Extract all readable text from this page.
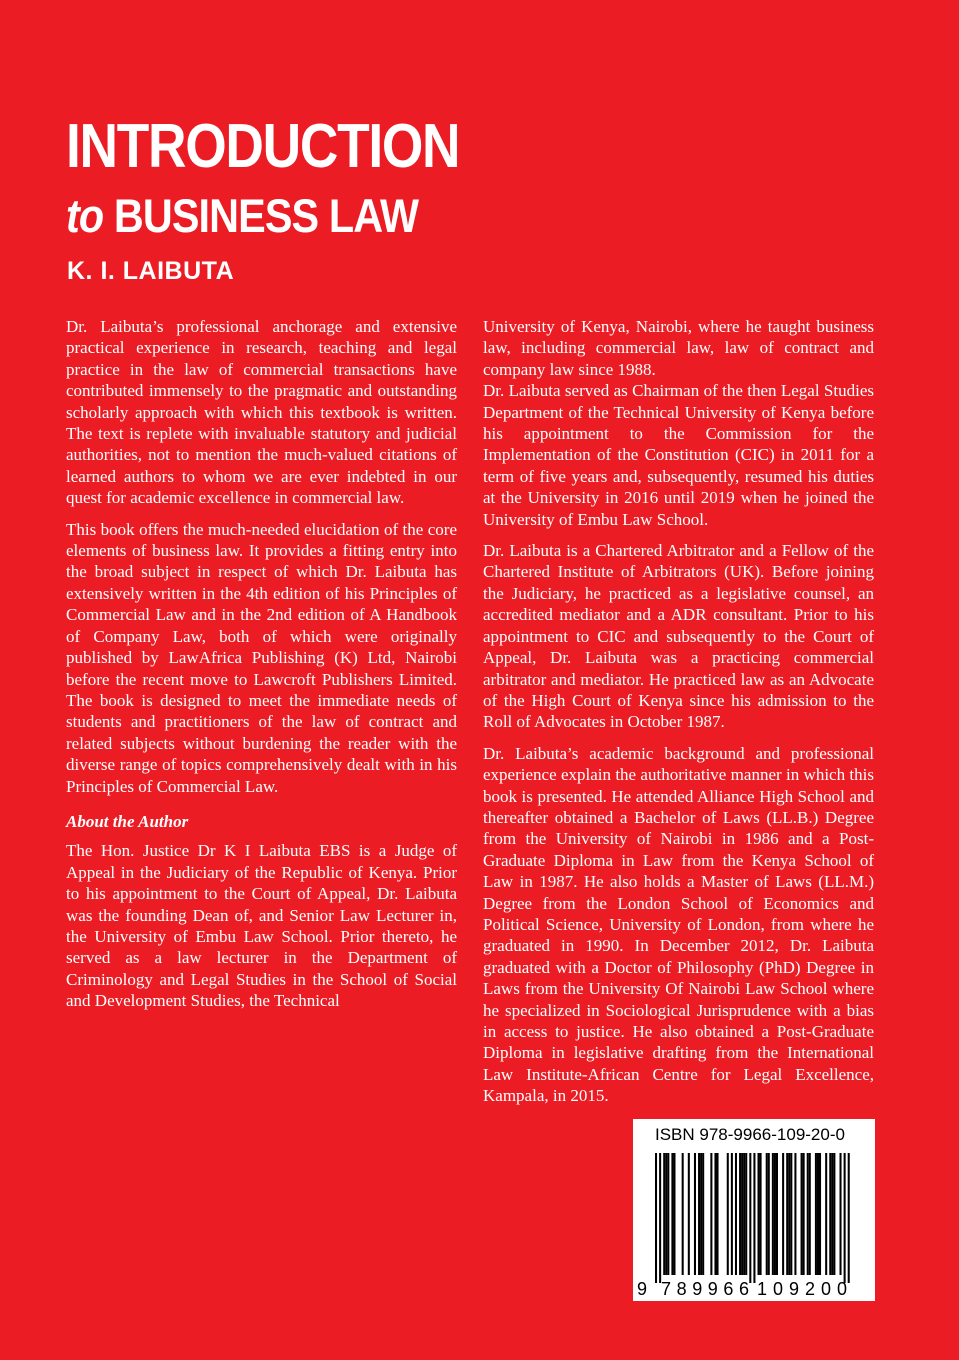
INTRODUCTION
to BUSINESS LAW
K. I. LAIBUTA

Dr. Laibuta’s professional anchorage and extensive practical experience in research, teaching and legal practice in the law of commercial transactions have contributed immensely to the pragmatic and outstanding scholarly approach with which this textbook is written. The text is replete with invaluable statutory and judicial authorities, not to mention the much-valued citations of learned authors to whom we are ever indebted in our quest for academic excellence in commercial law.

This book offers the much-needed elucidation of the core elements of business law. It provides a fitting entry into the broad subject in respect of which Dr. Laibuta has extensively written in the 4th edition of his Principles of Commercial Law and in the 2nd edition of A Handbook of Company Law, both of which were originally published by LawAfrica Publishing (K) Ltd, Nairobi before the recent move to Lawcroft Publishers Limited. The book is designed to meet the immediate needs of students and practitioners of the law of contract and related subjects without burdening the reader with the diverse range of topics comprehensively dealt with in his Principles of Commercial Law.

About the Author

The Hon. Justice Dr K I Laibuta EBS is a Judge of Appeal in the Judiciary of the Republic of Kenya. Prior to his appointment to the Court of Appeal, Dr. Laibuta was the founding Dean of, and Senior Law Lecturer in, the University of Embu Law School. Prior thereto, he served as a law lecturer in the Department of Criminology and Legal Studies in the School of Social and Development Studies, the Technical

University of Kenya, Nairobi, where he taught business law, including commercial law, law of contract and company law since 1988.

Dr. Laibuta served as Chairman of the then Legal Studies Department of the Technical University of Kenya before his appointment to the Commission for the Implementation of the Constitution (CIC) in 2011 for a term of five years and, subsequently, resumed his duties at the University in 2016 until 2019 when he joined the University of Embu Law School.

Dr. Laibuta is a Chartered Arbitrator and a Fellow of the Chartered Institute of Arbitrators (UK). Before joining the Judiciary, he practiced as a legislative counsel, an accredited mediator and a ADR consultant. Prior to his appointment to CIC and subsequently to the Court of Appeal, Dr. Laibuta was a practicing commercial arbitrator and mediator. He practiced law as an Advocate of the High Court of Kenya since his admission to the Roll of Advocates in October 1987.

Dr. Laibuta’s academic background and professional experience explain the authoritative manner in which this book is presented. He attended Alliance High School and thereafter obtained a Bachelor of Laws (LL.B.) Degree from the University of Nairobi in 1986 and a Post-Graduate Diploma in Law from the Kenya School of Law in 1987. He also holds a Master of Laws (LL.M.) Degree from the London School of Economics and Political Science, University of London, from where he graduated in 1990. In December 2012, Dr. Laibuta graduated with a Doctor of Philosophy (PhD) Degree in Laws from the University Of Nairobi Law School where he specialized in Sociological Jurisprudence with a bias in access to justice. He also obtained a Post-Graduate Diploma in legislative drafting from the International Law Institute-African Centre for Legal Excellence, Kampala, in 2015.

ISBN 978-9966-109-20-0
9 789966 109200
